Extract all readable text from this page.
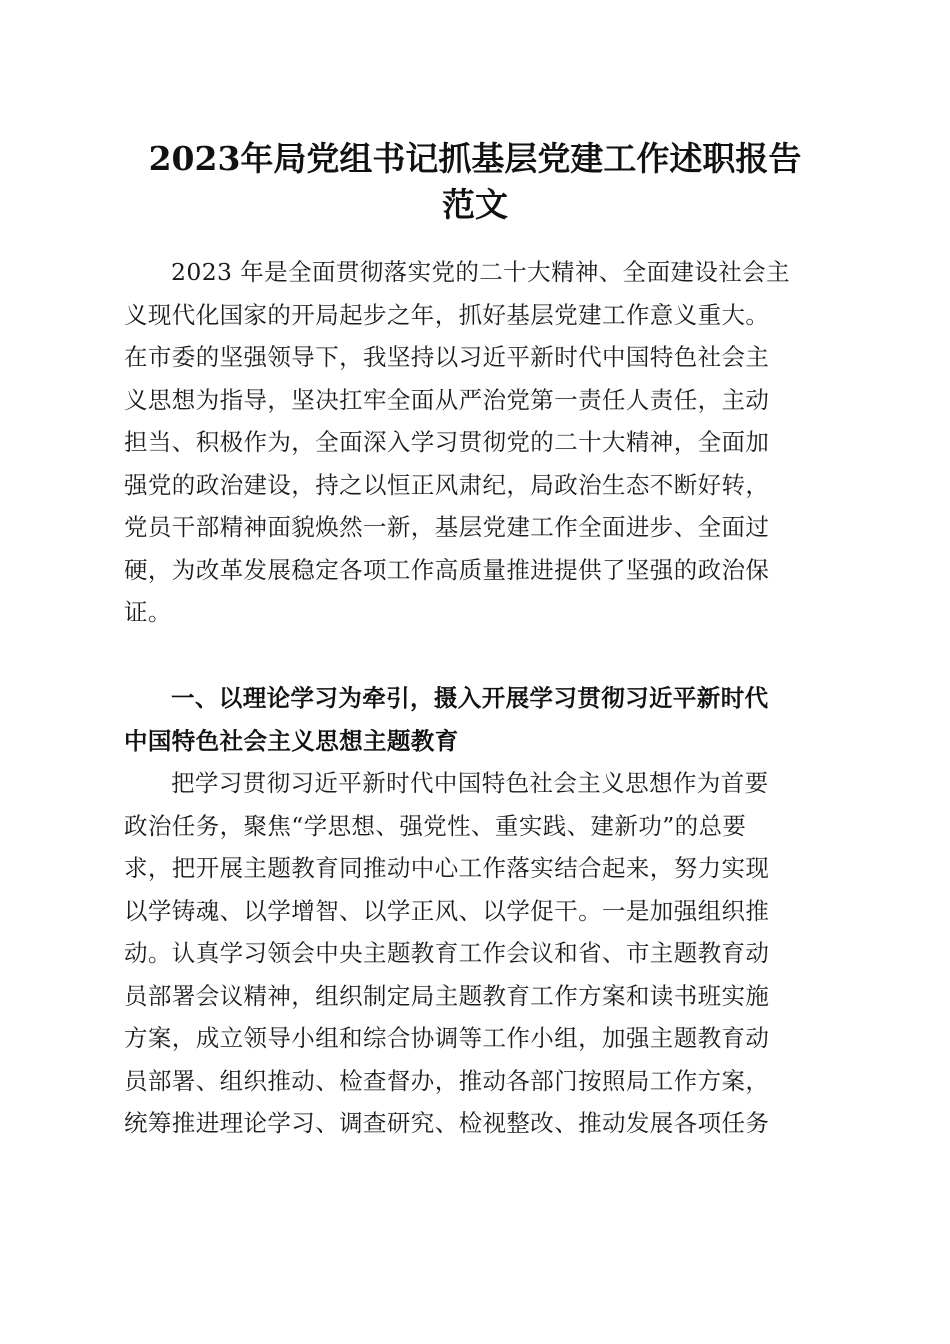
2023年局党组书记抓基层党建工作述职报告
范文
2023 年是全面贯彻落实党的二十大精神、全面建设社会主
义现代化国家的开局起步之年，抓好基层党建工作意义重大。
在市委的坚强领导下，我坚持以习近平新时代中国特色社会主
义思想为指导，坚决扛牢全面从严治党第一责任人责任，主动
担当、积极作为，全面深入学习贯彻党的二十大精神，全面加
强党的政治建设，持之以恒正风肃纪，局政治生态不断好转，
党员干部精神面貌焕然一新，基层党建工作全面进步、全面过
硬，为改革发展稳定各项工作高质量推进提供了坚强的政治保
证。
一、以理论学习为牵引，摄入开展学习贯彻习近平新时代
中国特色社会主义思想主题教育
把学习贯彻习近平新时代中国特色社会主义思想作为首要
政治任务，聚焦“学思想、强党性、重实践、建新功”的总要
求，把开展主题教育同推动中心工作落实结合起来，努力实现
以学铸魂、以学增智、以学正风、以学促干。一是加强组织推
动。认真学习领会中央主题教育工作会议和省、市主题教育动
员部署会议精神，组织制定局主题教育工作方案和读书班实施
方案，成立领导小组和综合协调等工作小组，加强主题教育动
员部署、组织推动、检查督办，推动各部门按照局工作方案，
统筹推进理论学习、调查研究、检视整改、推动发展各项任务
